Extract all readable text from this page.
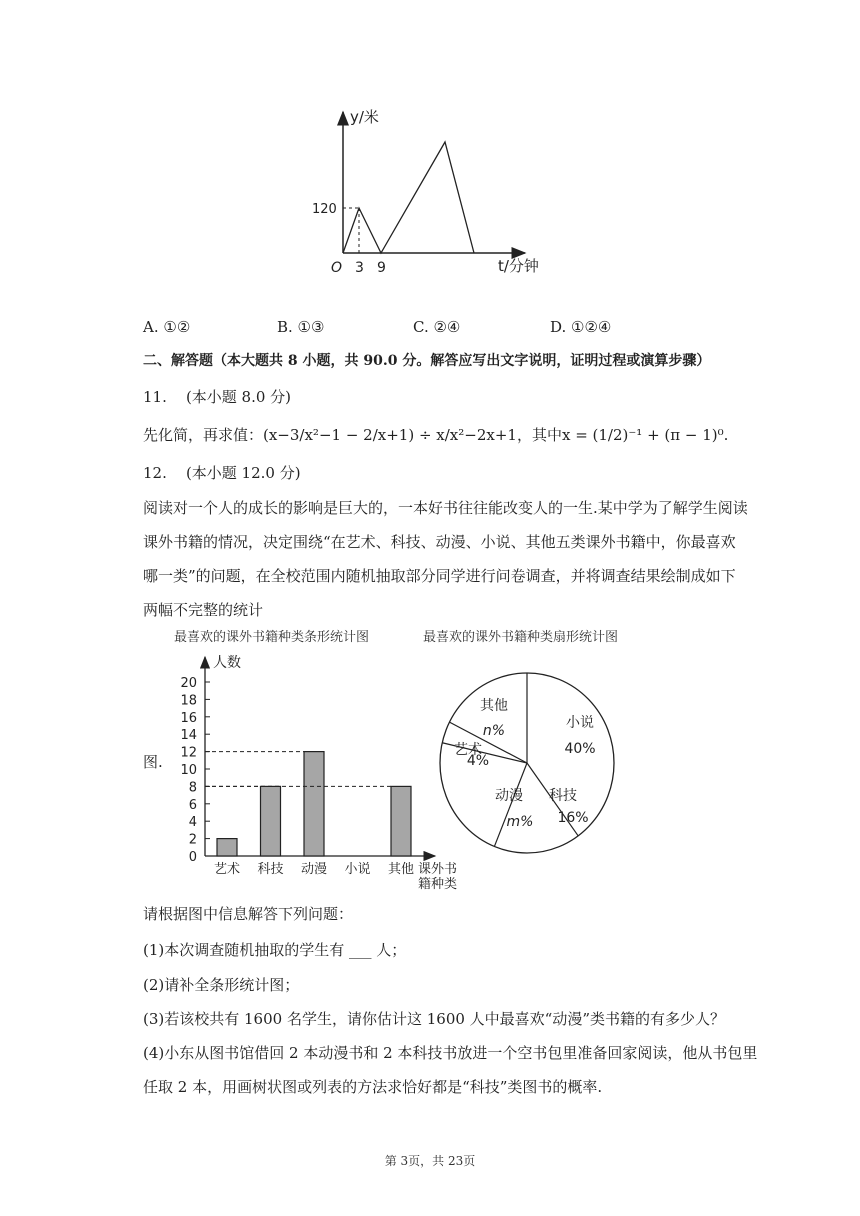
y/米
t/分钟
O 3 9
120
A. ①②	B. ①③	C. ②④	D. ①②④
二、解答题（本大题共 8 小题，共 90.0 分。解答应写出文字说明，证明过程或演算步骤）
11. (本小题 8.0 分)
先化简，再求值：(x−3/x²−1 − 2/x+1) ÷ x/x²−2x+1，其中x = (1/2)⁻¹ + (π − 1)⁰.
12. (本小题 12.0 分)
阅读对一个人的成长的影响是巨大的，一本好书往往能改变人的一生.某中学为了解学生阅读
课外书籍的情况，决定围绕“在艺术、科技、动漫、小说、其他五类课外书籍中，你最喜欢
哪一类”的问题，在全校范围内随机抽取部分同学进行问卷调查，并将调查结果绘制成如下
两幅不完整的统计
图.
最喜欢的课外书籍种类条形统计图
人数
课外书 籍种类
0
2
4
6
8
10
12
14
16
18
20
艺术 科技 动漫 小说 其他
最喜欢的课外书籍种类扇形统计图
小说
40%
科技
16%
动漫
m%
艺术
4%
其他
n%
请根据图中信息解答下列问题：
(1)本次调查随机抽取的学生有 ___ 人；
(2)请补全条形统计图；
(3)若该校共有 1600 名学生，请你估计这 1600 人中最喜欢“动漫”类书籍的有多少人？
(4)小东从图书馆借回 2 本动漫书和 2 本科技书放进一个空书包里准备回家阅读，他从书包里
任取 2 本，用画树状图或列表的方法求恰好都是“科技”类图书的概率.
第 3页，共 23页
